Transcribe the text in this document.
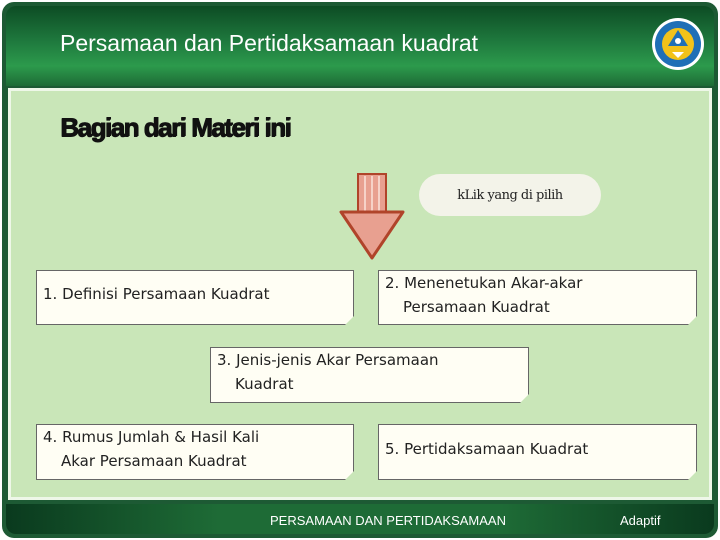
Persamaan dan Pertidaksamaan kuadrat
Bagian dari Materi ini
kLik yang di pilih
1. Definisi Persamaan Kuadrat
2. Menenetukan Akar-akar
Persamaan Kuadrat
3. Jenis-jenis Akar Persamaan
Kuadrat
4. Rumus Jumlah & Hasil Kali
Akar Persamaan Kuadrat
5. Pertidaksamaan Kuadrat
PERSAMAAN DAN PERTIDAKSAMAAN	Adaptif
